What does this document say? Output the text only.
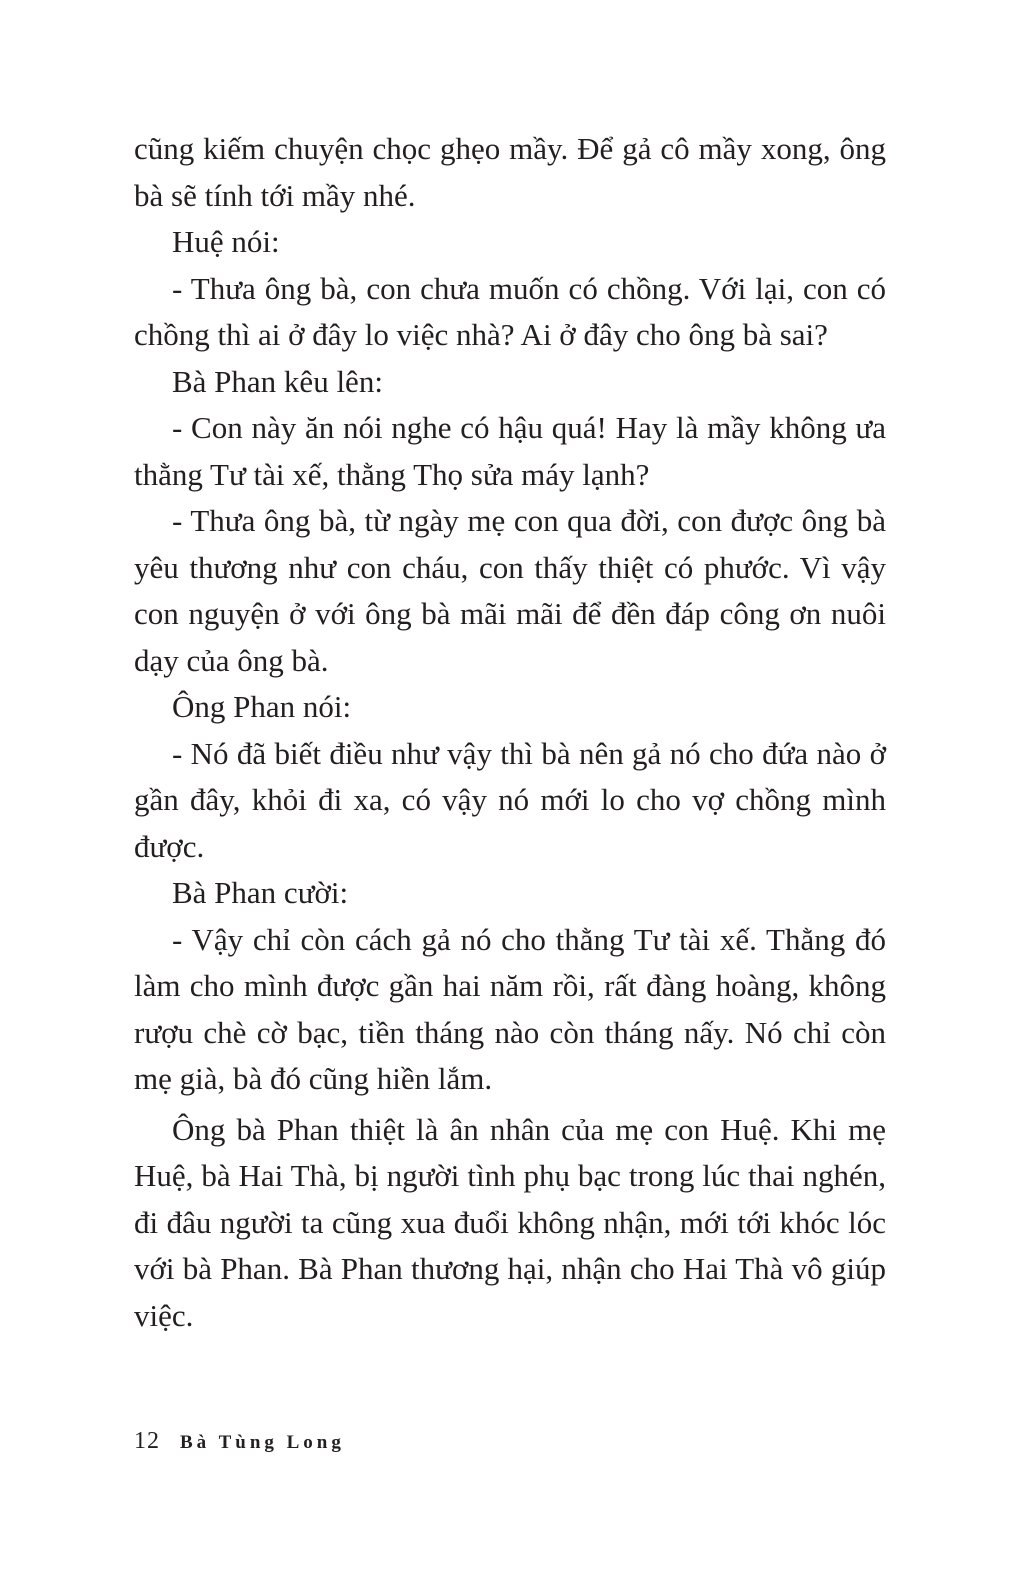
cũng kiếm chuyện chọc ghẹo mầy. Để gả cô mầy xong, ông bà sẽ tính tới mầy nhé.

Huệ nói:

- Thưa ông bà, con chưa muốn có chồng. Với lại, con có chồng thì ai ở đây lo việc nhà? Ai ở đây cho ông bà sai?

Bà Phan kêu lên:

- Con này ăn nói nghe có hậu quá! Hay là mầy không ưa thằng Tư tài xế, thằng Thọ sửa máy lạnh?

- Thưa ông bà, từ ngày mẹ con qua đời, con được ông bà yêu thương như con cháu, con thấy thiệt có phước. Vì vậy con nguyện ở với ông bà mãi mãi để đền đáp công ơn nuôi dạy của ông bà.

Ông Phan nói:

- Nó đã biết điều như vậy thì bà nên gả nó cho đứa nào ở gần đây, khỏi đi xa, có vậy nó mới lo cho vợ chồng mình được.

Bà Phan cười:

- Vậy chỉ còn cách gả nó cho thằng Tư tài xế. Thằng đó làm cho mình được gần hai năm rồi, rất đàng hoàng, không rượu chè cờ bạc, tiền tháng nào còn tháng nấy. Nó chỉ còn mẹ già, bà đó cũng hiền lắm.

Ông bà Phan thiệt là ân nhân của mẹ con Huệ. Khi mẹ Huệ, bà Hai Thà, bị người tình phụ bạc trong lúc thai nghén, đi đâu người ta cũng xua đuổi không nhận, mới tới khóc lóc với bà Phan. Bà Phan thương hại, nhận cho Hai Thà vô giúp việc.

12 Bà Tùng Long
